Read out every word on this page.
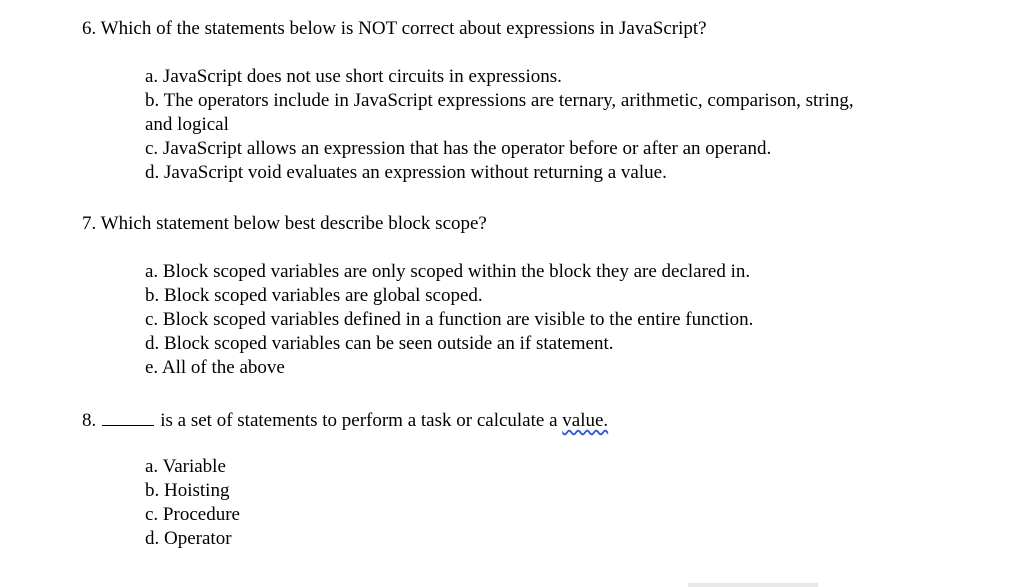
6. Which of the statements below is NOT correct about expressions in JavaScript?
a. JavaScript does not use short circuits in expressions.
b. The operators include in JavaScript expressions are ternary, arithmetic, comparison, string, and logical
c. JavaScript allows an expression that has the operator before or after an operand.
d. JavaScript void evaluates an expression without returning a value.
7. Which statement below best describe block scope?
a. Block scoped variables are only scoped within the block they are declared in.
b. Block scoped variables are global scoped.
c. Block scoped variables defined in a function are visible to the entire function.
d. Block scoped variables can be seen outside an if statement.
e. All of the above
8.	is a set of statements to perform a task or calculate a value.
a. Variable
b. Hoisting
c. Procedure
d. Operator
